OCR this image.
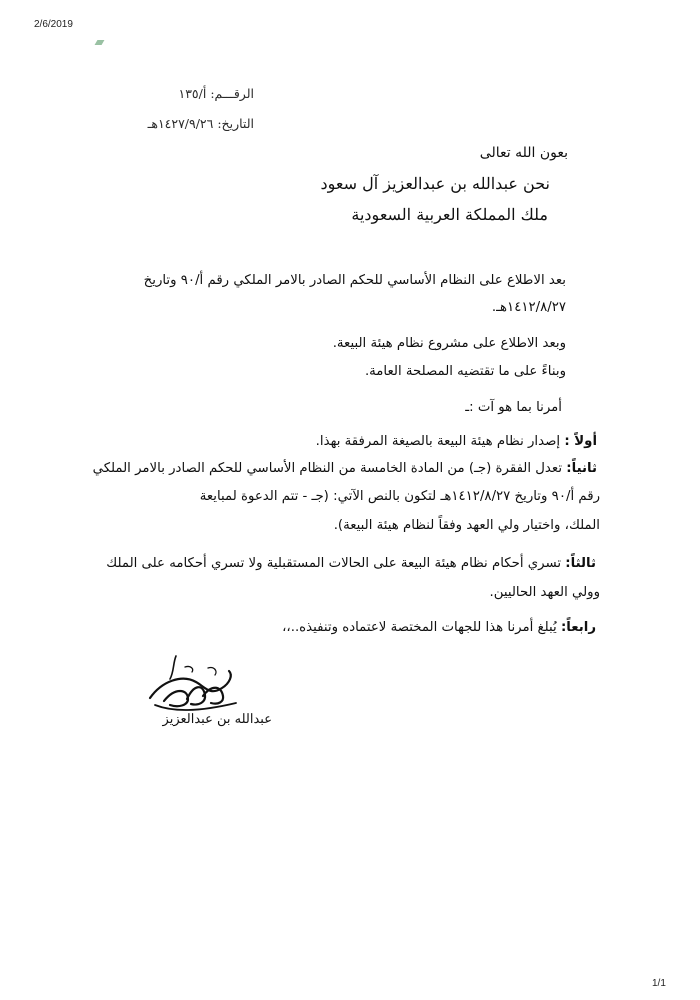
2/6/2019
الرقـــم: أ/١٣٥
التاريخ: ١٤٢٧/٩/٢٦هـ
بعون الله تعالى
نحن عبدالله بن عبدالعزيز آل سعود
ملك المملكة العربية السعودية
بعد الاطلاع على النظام الأساسي للحكم الصادر بالامر الملكي رقم أ/٩٠ وتاريخ
١٤١٢/٨/٢٧هـ.
وبعد الاطلاع على مشروع نظام هيئة البيعة.
وبناءً على ما تقتضيه المصلحة العامة.
أمرنا بما هو آت :ـ
أولاً : إصدار نظام هيئة البيعة بالصيغة المرفقة بهذا.
ثانياً: تعدل الفقرة (جـ) من المادة الخامسة من النظام الأساسي للحكم الصادر بالامر الملكي
رقم أ/٩٠ وتاريخ ١٤١٢/٨/٢٧هـ لتكون بالنص الآتي: (جـ - تتم الدعوة لمبايعة
الملك، واختيار ولي العهد وفقاً لنظام هيئة البيعة).
ثالثاً: تسري أحكام نظام هيئة البيعة على الحالات المستقبلية ولا تسري أحكامه على الملك
وولي العهد الحاليين.
رابعاً: يُبلغ أمرنا هذا للجهات المختصة لاعتماده وتنفيذه..،،
عبدالله بن عبدالعزيز
1/1
